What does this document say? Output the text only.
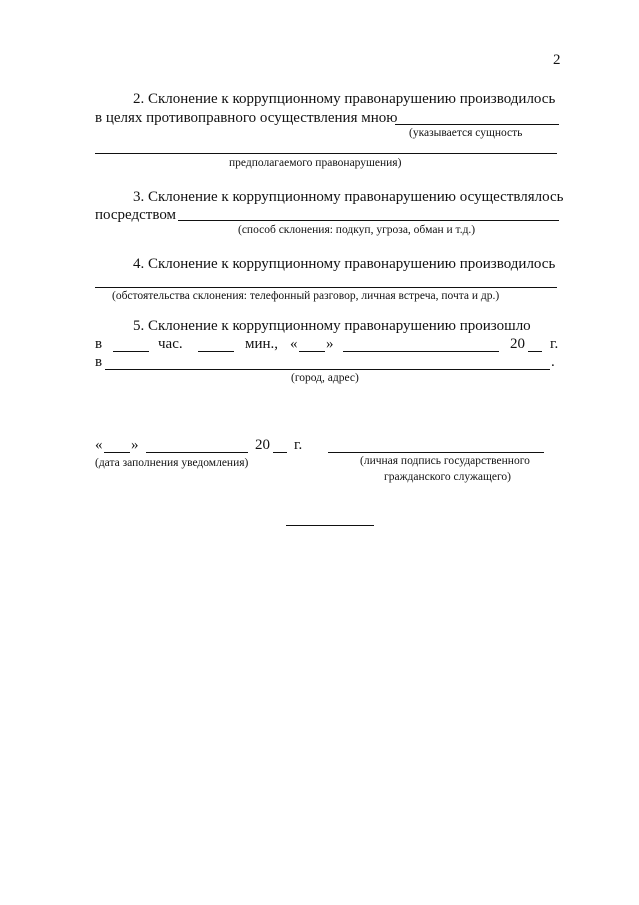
2
2. Склонение к коррупционному правонарушению производилось
в целях противоправного осуществления мною
(указывается сущность
предполагаемого правонарушения)
3. Склонение к коррупционному правонарушению осуществлялось
посредством
(способ склонения: подкуп, угроза, обман и т.д.)
4. Склонение к коррупционному правонарушению производилось
(обстоятельства склонения: телефонный разговор, личная встреча, почта и др.)
5. Склонение к коррупционному правонарушению произошло
в	час.	мин., « »	20 г.
в	.
(город, адрес)
« »	20 г.
(дата заполнения уведомления)	(личная подпись государственного
гражданского служащего)
